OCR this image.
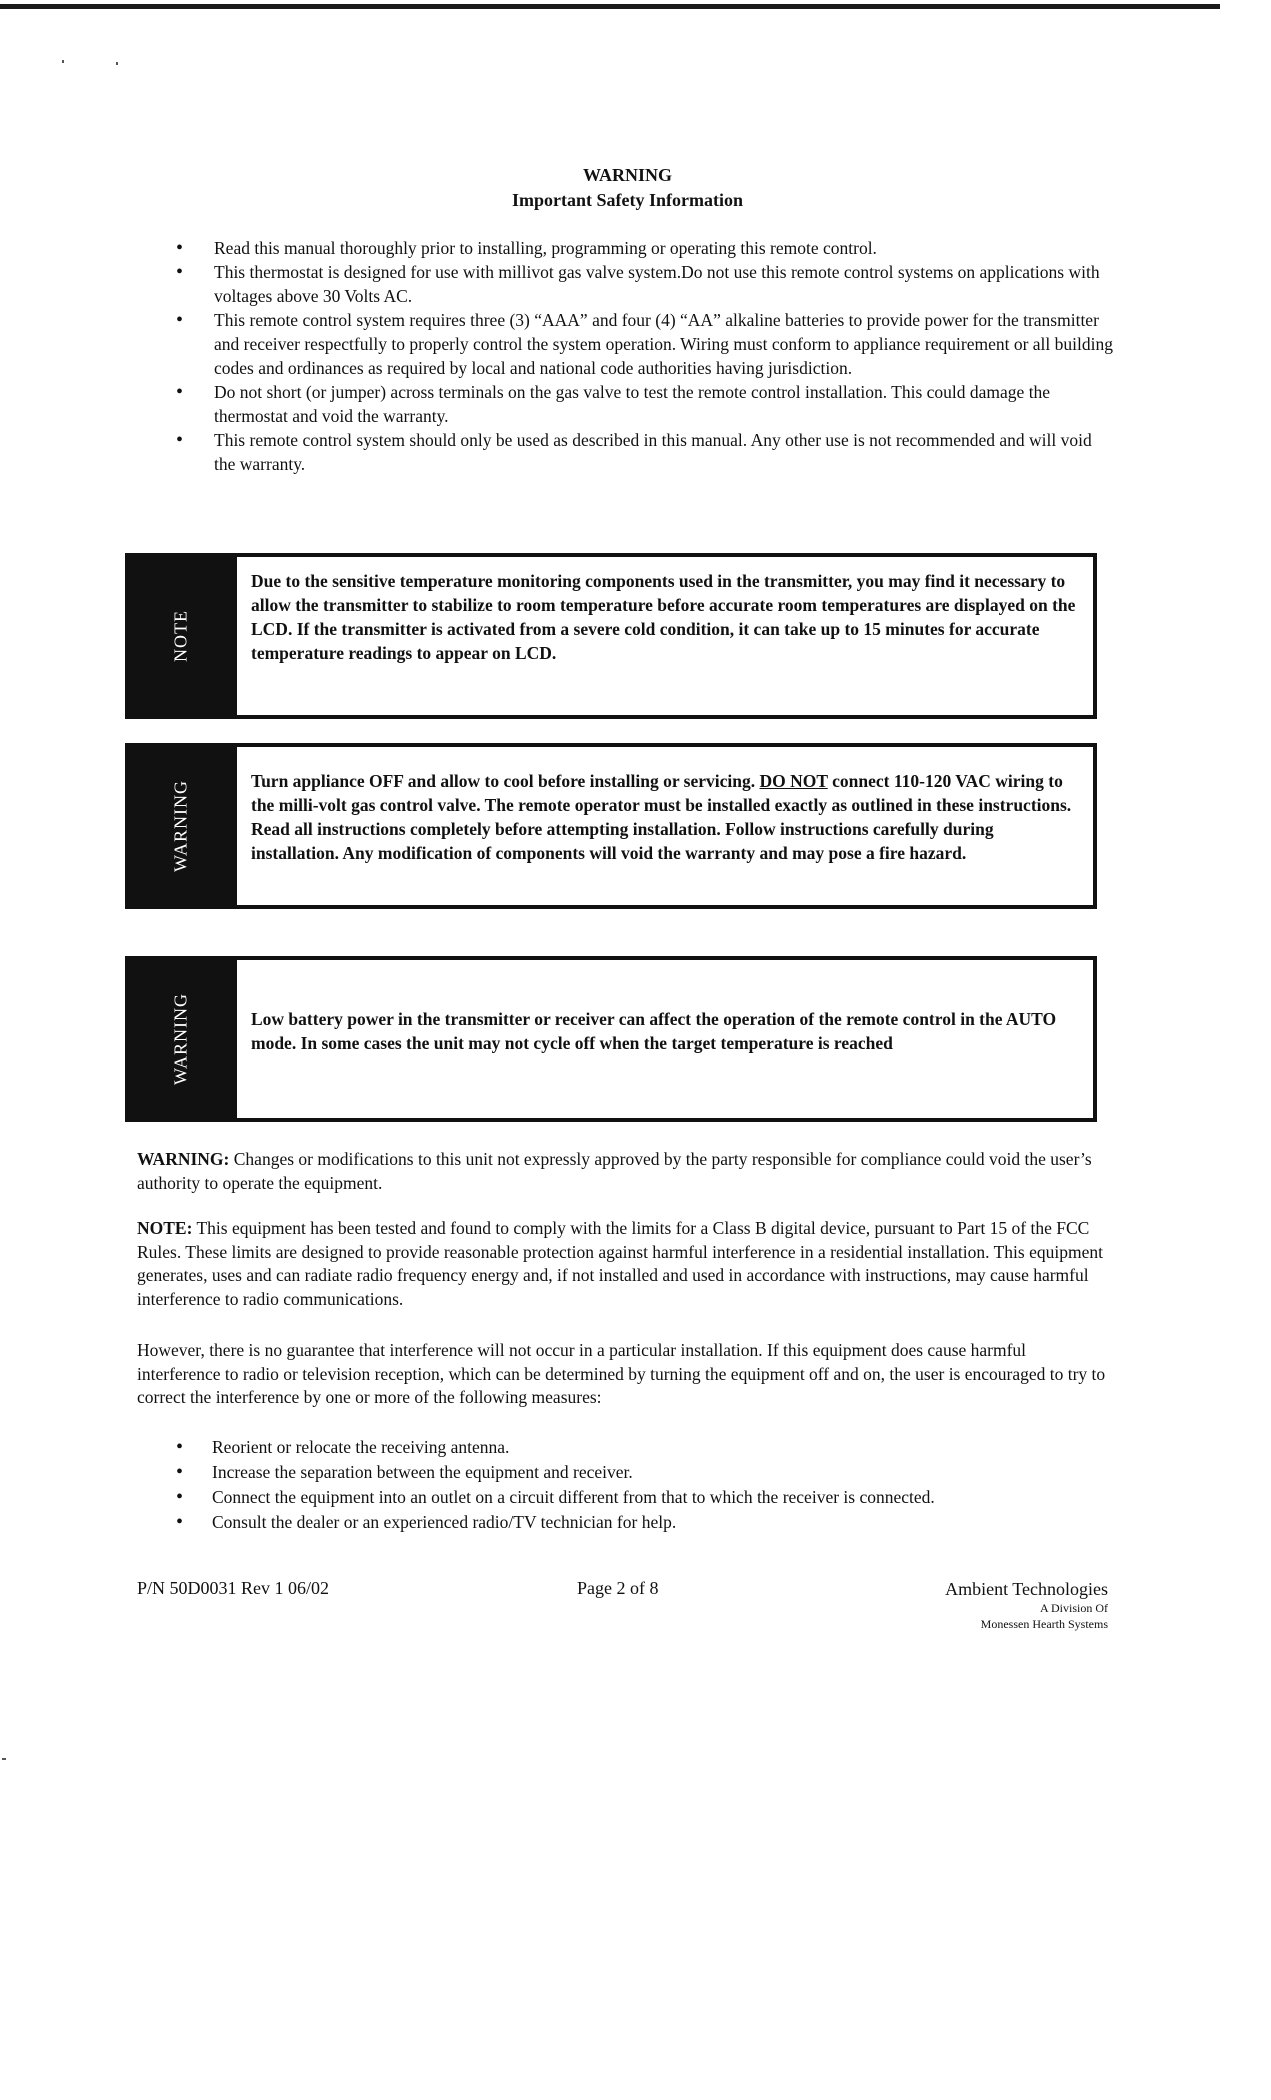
WARNING
Important Safety Information
• Read this manual thoroughly prior to installing, programming or operating this remote control.
• This thermostat is designed for use with millivot gas valve system.Do not use this remote control systems on applications with voltages above 30 Volts AC.
• This remote control system requires three (3) “AAA” and four (4) “AA” alkaline batteries to provide power for the transmitter and receiver respectfully to properly control the system operation. Wiring must conform to appliance requirement or all building codes and ordinances as required by local and national code authorities having jurisdiction.
• Do not short (or jumper) across terminals on the gas valve to test the remote control installation. This could damage the thermostat and void the warranty.
• This remote control system should only be used as described in this manual. Any other use is not recommended and will void the warranty.
NOTE
Due to the sensitive temperature monitoring components used in the transmitter, you may find it necessary to allow the transmitter to stabilize to room temperature before accurate room temperatures are displayed on the LCD. If the transmitter is activated from a severe cold condition, it can take up to 15 minutes for accurate temperature readings to appear on LCD.
WARNING	Turn appliance OFF and allow to cool before installing or servicing. DO NOT connect 110-120 VAC wiring to the milli-volt gas control valve. The remote operator must be installed exactly as outlined in these instructions. Read all instructions completely before attempting installation. Follow instructions carefully during installation. Any modification of components will void the warranty and may pose a fire hazard.
WARNING	Low battery power in the transmitter or receiver can affect the operation of the remote control in the AUTO mode. In some cases the unit may not cycle off when the target temperature is reached
WARNING: Changes or modifications to this unit not expressly approved by the party responsible for compliance could void the user’s authority to operate the equipment.
NOTE: This equipment has been tested and found to comply with the limits for a Class B digital device, pursuant to Part 15 of the FCC Rules. These limits are designed to provide reasonable protection against harmful interference in a residential installation. This equipment generates, uses and can radiate radio frequency energy and, if not installed and used in accordance with instructions, may cause harmful interference to radio communications.
However, there is no guarantee that interference will not occur in a particular installation. If this equipment does cause harmful interference to radio or television reception, which can be determined by turning the equipment off and on, the user is encouraged to try to correct the interference by one or more of the following measures:
• Reorient or relocate the receiving antenna.
• Increase the separation between the equipment and receiver.
• Connect the equipment into an outlet on a circuit different from that to which the receiver is connected.
• Consult the dealer or an experienced radio/TV technician for help.
P/N 50D0031 Rev 1 06/02	Page 2 of 8	Ambient Technologies
A Division Of
Monessen Hearth Systems
